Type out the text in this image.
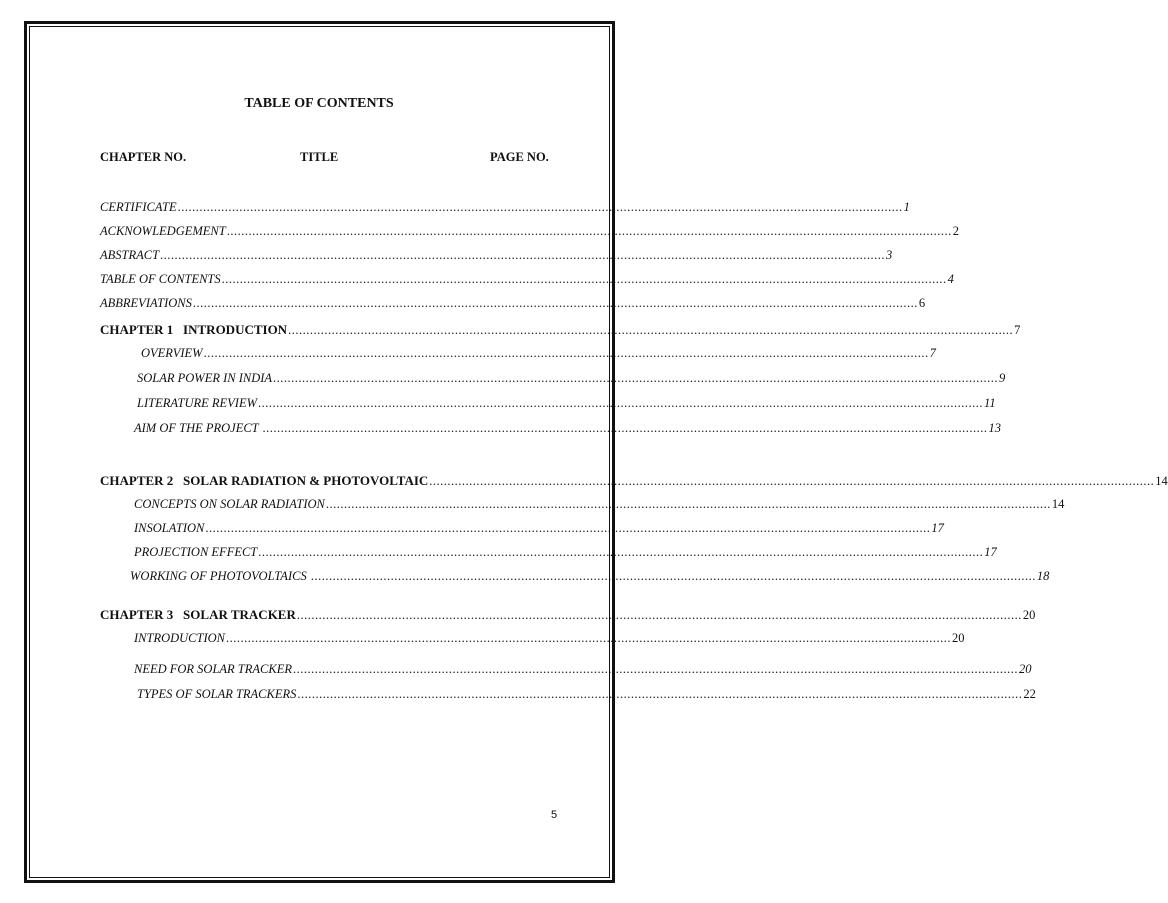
TABLE OF CONTENTS
CHAPTER NO.	TITLE	PAGE NO.
CERTIFICATE ........................................................................................................................................................................................................ 1
ACKNOWLEDGEMENT ........................................................................................................................................................................................................ 2
ABSTRACT ........................................................................................................................................................................................................ 3
TABLE OF CONTENTS ........................................................................................................................................................................................................ 4
ABBREVIATIONS ........................................................................................................................................................................................................ 6
CHAPTER 1   INTRODUCTION ........................................................................................................................................................................................................ 7
OVERVIEW ........................................................................................................................................................................................................ 7
SOLAR POWER IN INDIA ........................................................................................................................................................................................................ 9
LITERATURE REVIEW ........................................................................................................................................................................................................ 11
AIM OF THE PROJECT ........................................................................................................................................................................................................ 13
CHAPTER 2   SOLAR RADIATION & PHOTOVOLTAIC ........................................................................................................................................................................................................ 14
CONCEPTS ON SOLAR RADIATION ........................................................................................................................................................................................................ 14
INSOLATION ........................................................................................................................................................................................................ 17
PROJECTION EFFECT ........................................................................................................................................................................................................ 17
WORKING OF PHOTOVOLTAICS ........................................................................................................................................................................................................ 18
CHAPTER 3   SOLAR TRACKER ........................................................................................................................................................................................................ 20
INTRODUCTION ........................................................................................................................................................................................................ 20
NEED FOR SOLAR TRACKER ........................................................................................................................................................................................................ 20
TYPES OF SOLAR TRACKERS ........................................................................................................................................................................................................ 22
5
